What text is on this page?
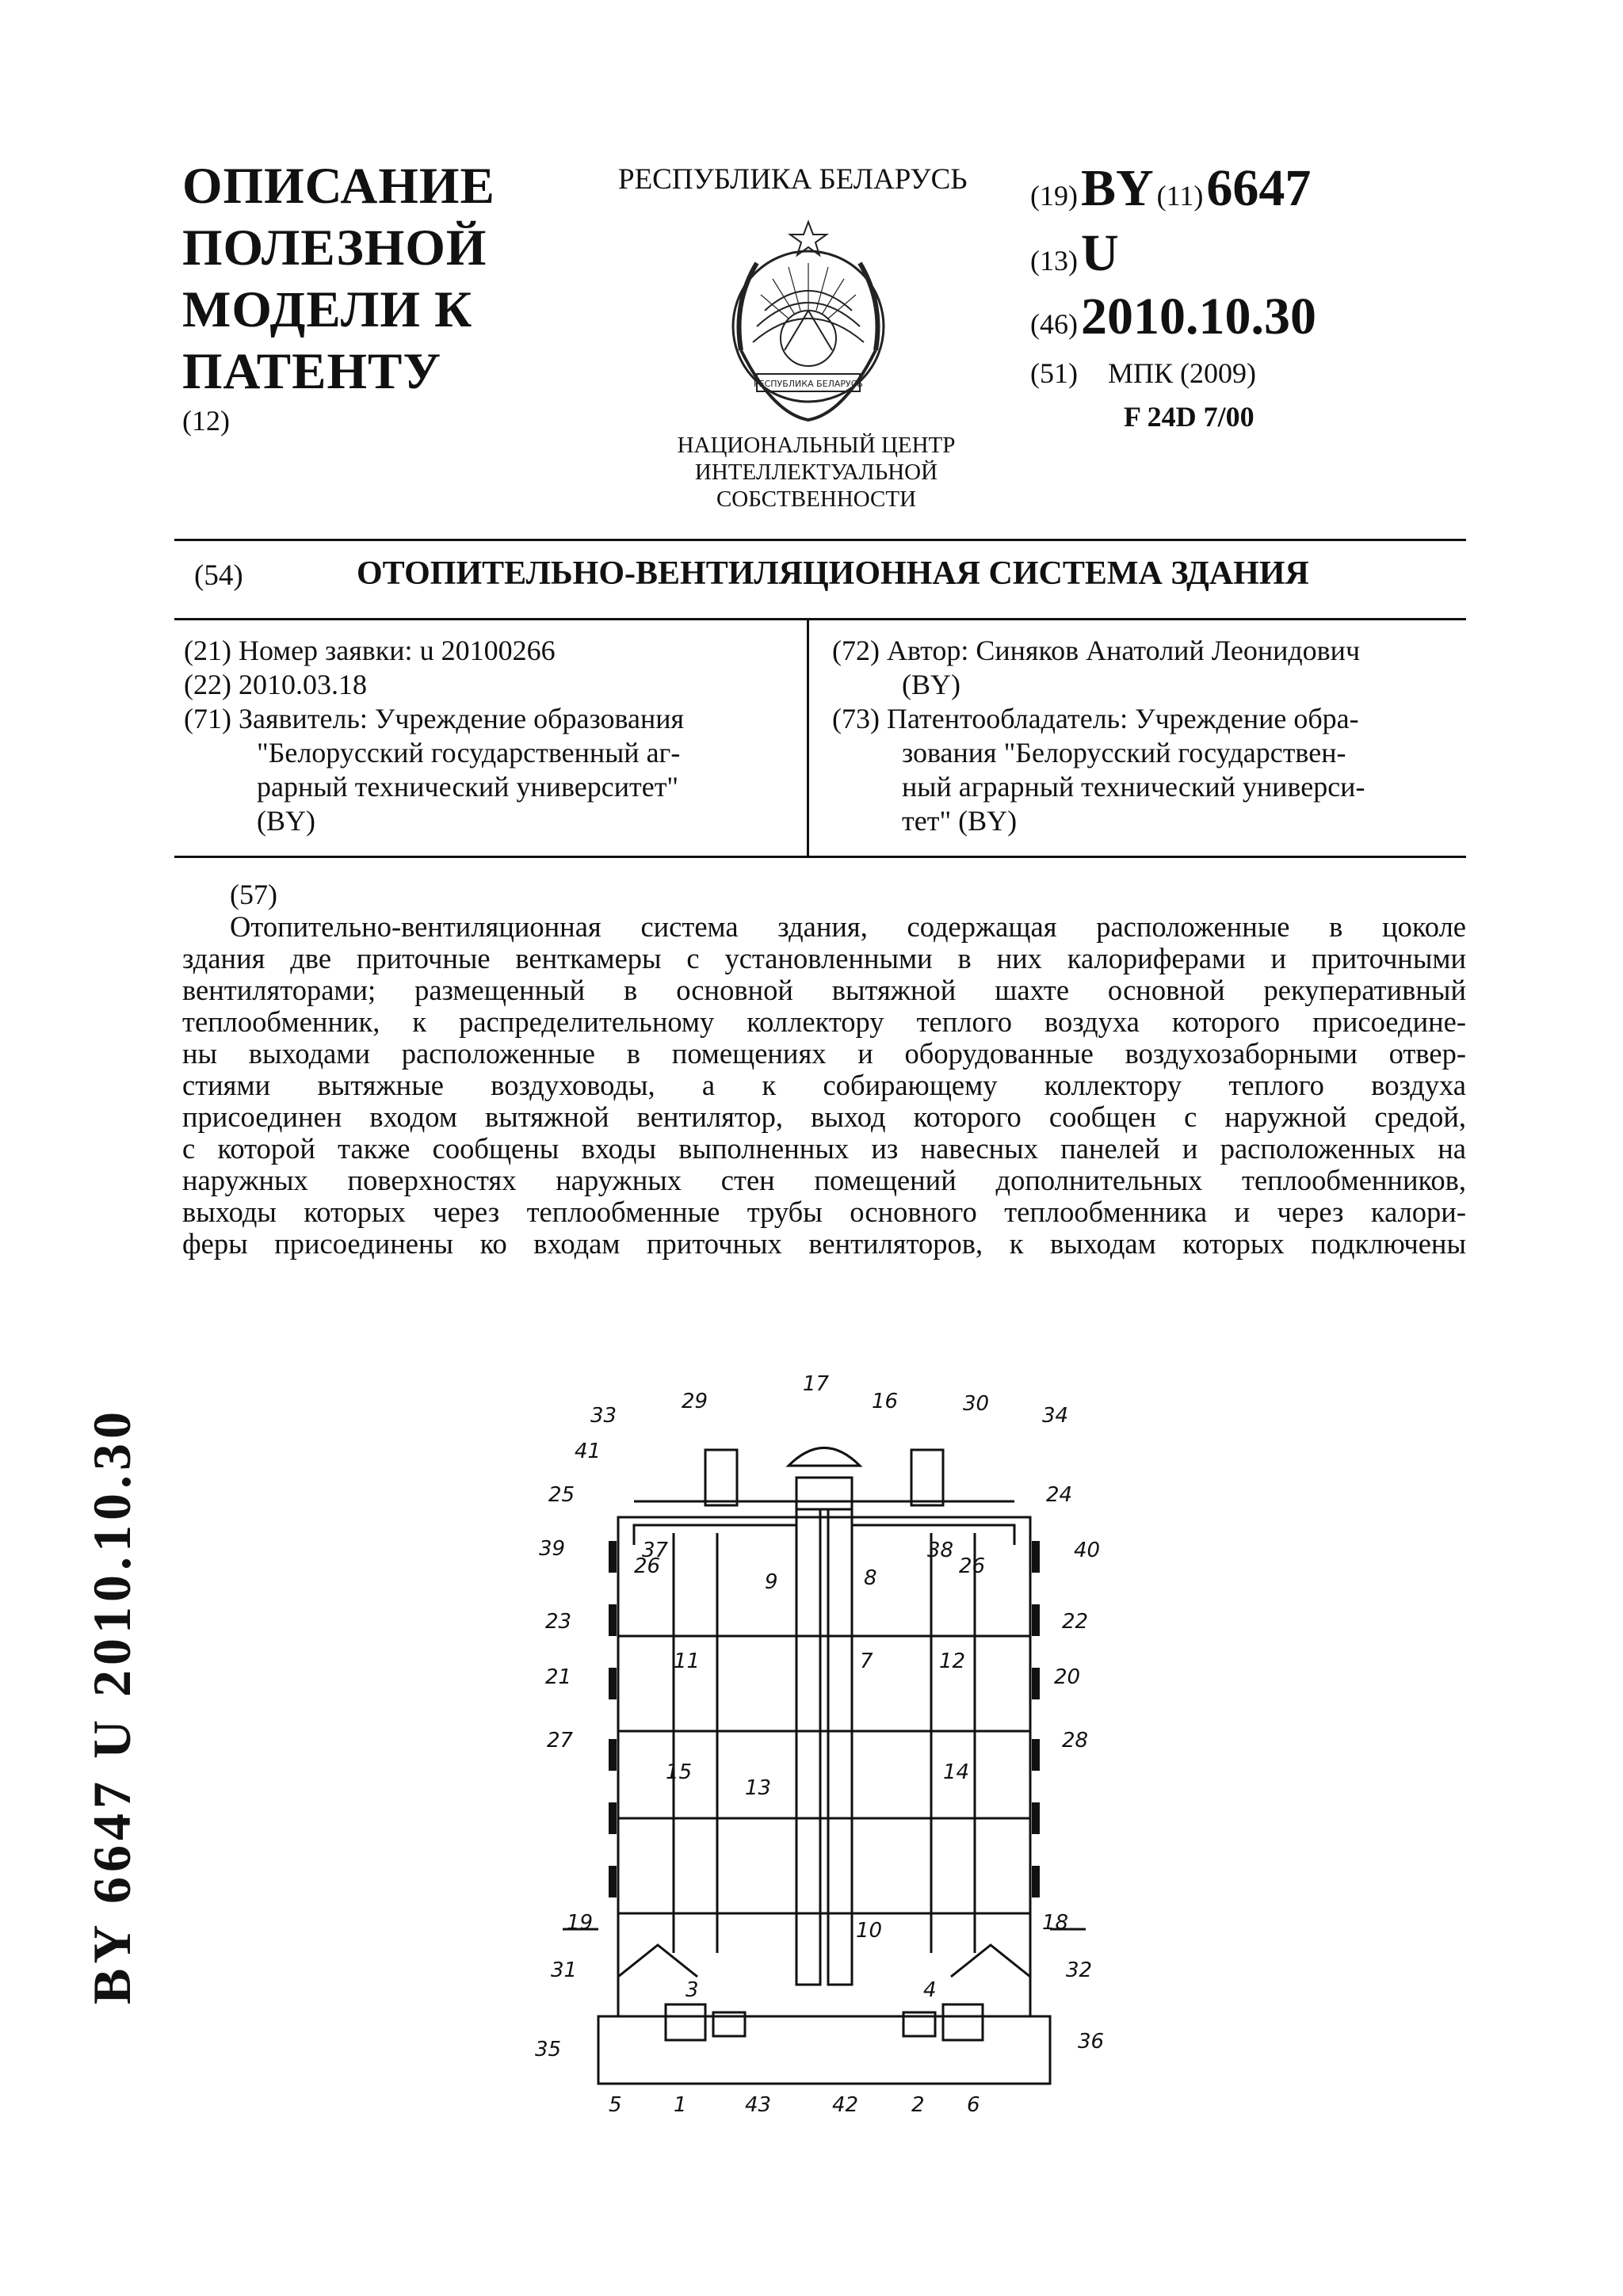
ОПИСАНИЕ
ПОЛЕЗНОЙ
МОДЕЛИ К
ПАТЕНТУ
(12)
РЕСПУБЛИКА БЕЛАРУСЬ
РЕСПУБЛИКА БЕЛАРУСЬ
НАЦИОНАЛЬНЫЙ ЦЕНТР
ИНТЕЛЛЕКТУАЛЬНОЙ
СОБСТВЕННОСТИ
(19) BY (11) 6647
(13) U
(46) 2010.10.30
(51) МПК (2009)
F 24D 7/00
(54)	ОТОПИТЕЛЬНО-ВЕНТИЛЯЦИОННАЯ СИСТЕМА ЗДАНИЯ
(21) Номер заявки: u 20100266
(22) 2010.03.18
(71) Заявитель: Учреждение образования
"Белорусский государственный аг-
рарный технический университет"
(BY)
(72) Автор: Синяков Анатолий Леонидович
(BY)
(73) Патентообладатель: Учреждение обра-
зования "Белорусский государствен-
ный аграрный технический универси-
тет" (BY)
(57)
Отопительно-вентиляционная система здания, содержащая расположенные в цоколе
здания две приточные венткамеры с установленными в них калориферами и приточными
вентиляторами; размещенный в основной вытяжной шахте основной рекуперативный
теплообменник, к распределительному коллектору теплого воздуха которого присоедине-
ны выходами расположенные в помещениях и оборудованные воздухозаборными отвер-
стиями вытяжные воздуховоды, а к собирающему коллектору теплого воздуха
присоединен входом вытяжной вентилятор, выход которого сообщен с наружной средой,
с которой также сообщены входы выполненных из навесных панелей и расположенных на
наружных поверхностях наружных стен помещений дополнительных теплообменников,
выходы которых через теплообменные трубы основного теплообменника и через калори-
феры присоединены ко входам приточных вентиляторов, к выходам которых подключены
BY 6647 U 2010.10.30	33
29
17
16	30	34
41
25	24
39	37	38	40
26	26
9	8
23	22
11	7	12
21	20
27	28
15
13
14
19	18
10
31	32
3	4
35	36
5	1	43	42	2 6
